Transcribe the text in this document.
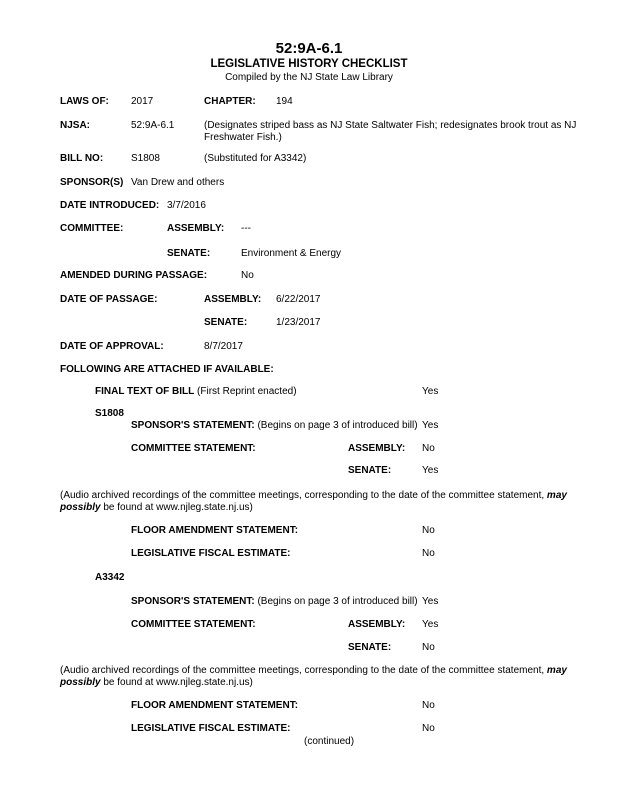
52:9A-6.1
LEGISLATIVE HISTORY CHECKLIST
Compiled by the NJ State Law Library
LAWS OF: 2017	CHAPTER: 194
NJSA:	52:9A-6.1	(Designates striped bass as NJ State Saltwater Fish; redesignates brook trout as NJ Freshwater Fish.)
BILL NO:	S1808	(Substituted for A3342)
SPONSOR(S) Van Drew and others
DATE INTRODUCED: 3/7/2016
COMMITTEE:	ASSEMBLY: ---
SENATE:	Environment & Energy
AMENDED DURING PASSAGE:	No
DATE OF PASSAGE:	ASSEMBLY: 6/22/2017
SENATE:	1/23/2017
DATE OF APPROVAL:	8/7/2017
FOLLOWING ARE ATTACHED IF AVAILABLE:
FINAL TEXT OF BILL (First Reprint enacted)	Yes
S1808
SPONSOR'S STATEMENT: (Begins on page 3 of introduced bill) Yes
COMMITTEE STATEMENT:	ASSEMBLY: No
SENATE:	Yes
(Audio archived recordings of the committee meetings, corresponding to the date of the committee statement, may possibly be found at www.njleg.state.nj.us)
FLOOR AMENDMENT STATEMENT:	No
LEGISLATIVE FISCAL ESTIMATE:	No
A3342
SPONSOR'S STATEMENT: (Begins on page 3 of introduced bill) Yes
COMMITTEE STATEMENT:	ASSEMBLY: Yes
SENATE:	No
(Audio archived recordings of the committee meetings, corresponding to the date of the committee statement, may possibly be found at www.njleg.state.nj.us)
FLOOR AMENDMENT STATEMENT:	No
LEGISLATIVE FISCAL ESTIMATE:	No
(continued)
